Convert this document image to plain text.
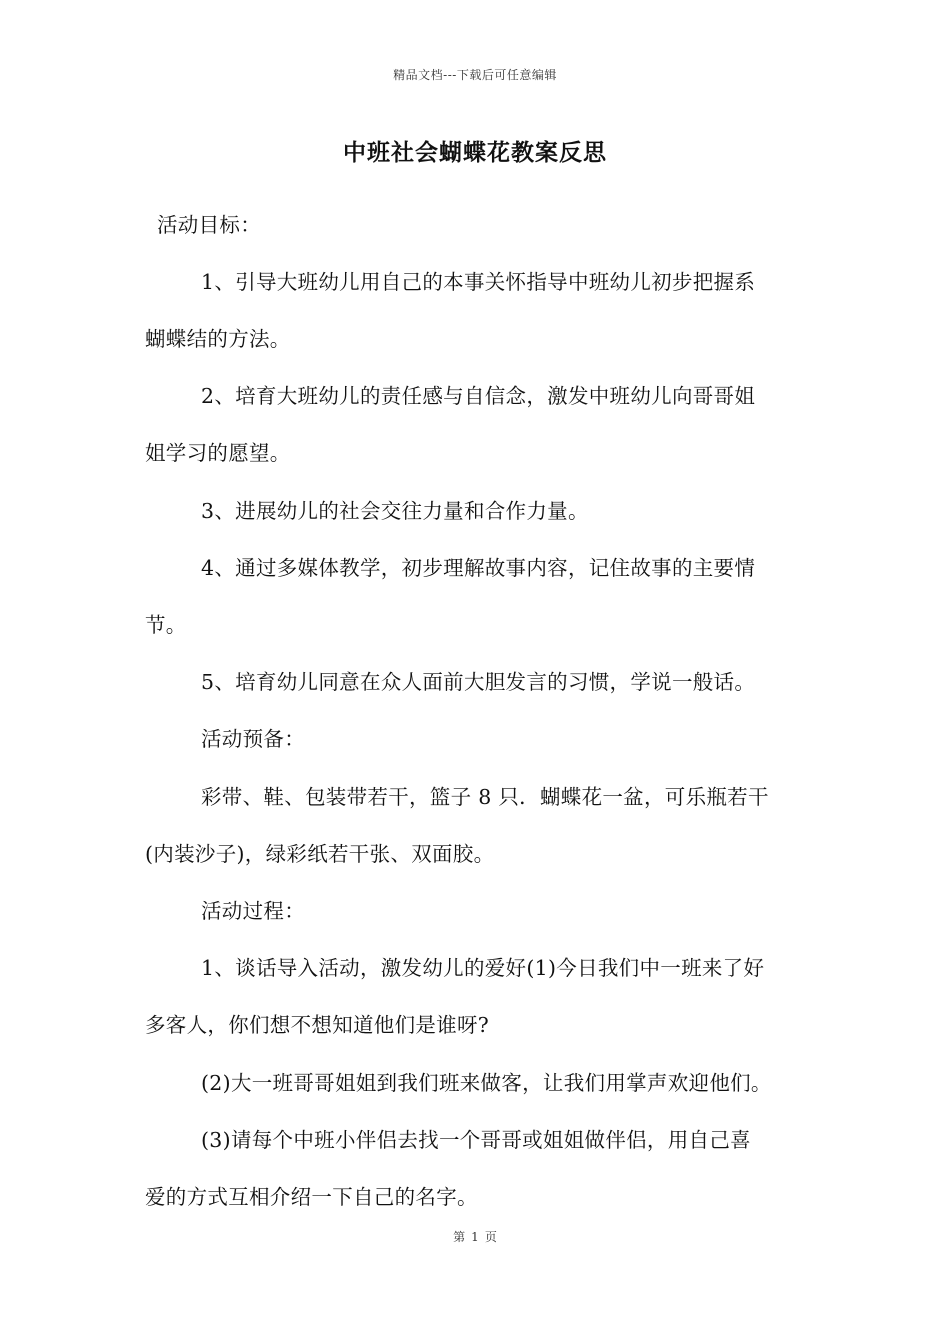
精品文档---下载后可任意编辑
中班社会蝴蝶花教案反思
活动目标：
1、引导大班幼儿用自己的本事关怀指导中班幼儿初步把握系
蝴蝶结的方法。
2、培育大班幼儿的责任感与自信念，激发中班幼儿向哥哥姐
姐学习的愿望。
3、进展幼儿的社会交往力量和合作力量。
4、通过多媒体教学，初步理解故事内容，记住故事的主要情
节。
5、培育幼儿同意在众人面前大胆发言的习惯，学说一般话。
活动预备：
彩带、鞋、包装带若干，篮子 8 只．蝴蝶花一盆，可乐瓶若干
(内装沙子)，绿彩纸若干张、双面胶。
活动过程：
1、谈话导入活动，激发幼儿的爱好(1)今日我们中一班来了好
多客人，你们想不想知道他们是谁呀?
(2)大一班哥哥姐姐到我们班来做客，让我们用掌声欢迎他们。
(3)请每个中班小伴侣去找一个哥哥或姐姐做伴侣，用自己喜
爱的方式互相介绍一下自己的名字。
第 1 页
